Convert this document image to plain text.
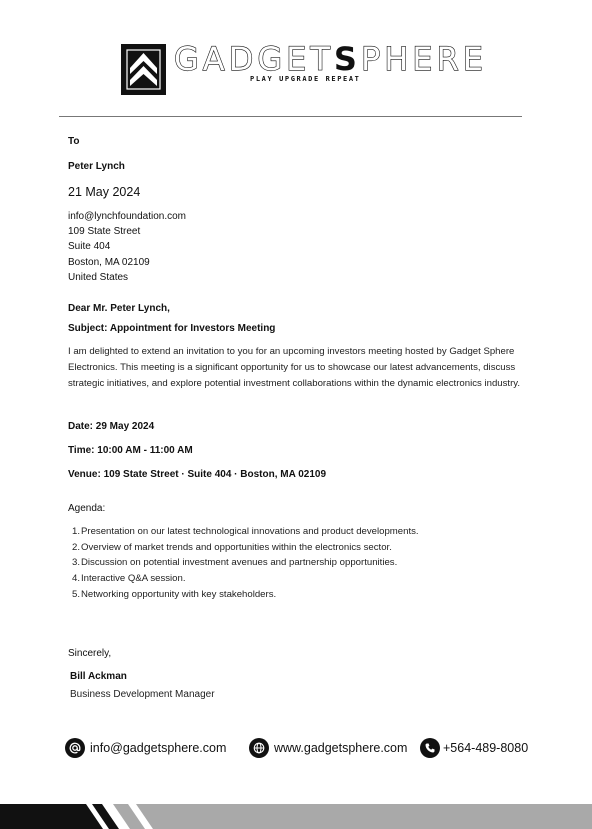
GADGETSPHERE
PLAY UPGRADE REPEAT
To
Peter Lynch
21 May 2024
info@lynchfoundation.com
109 State Street
Suite 404
Boston, MA 02109
United States
Dear Mr. Peter Lynch,
Subject: Appointment for Investors Meeting
I am delighted to extend an invitation to you for an upcoming investors meeting hosted by Gadget Sphere Electronics. This meeting is a significant opportunity for us to showcase our latest advancements, discuss strategic initiatives, and explore potential investment collaborations within the dynamic electronics industry.
Date: 29 May 2024
Time: 10:00 AM - 11:00 AM
Venue: 109 State Street · Suite 404 · Boston, MA 02109
Agenda:
1.Presentation on our latest technological innovations and product developments.
2.Overview of market trends and opportunities within the electronics sector.
3.Discussion on potential investment avenues and partnership opportunities.
4.Interactive Q&A session.
5.Networking opportunity with key stakeholders.
Sincerely,
Bill Ackman
Business Development Manager
info@gadgetsphere.com	www.gadgetsphere.com	+564-489-8080
